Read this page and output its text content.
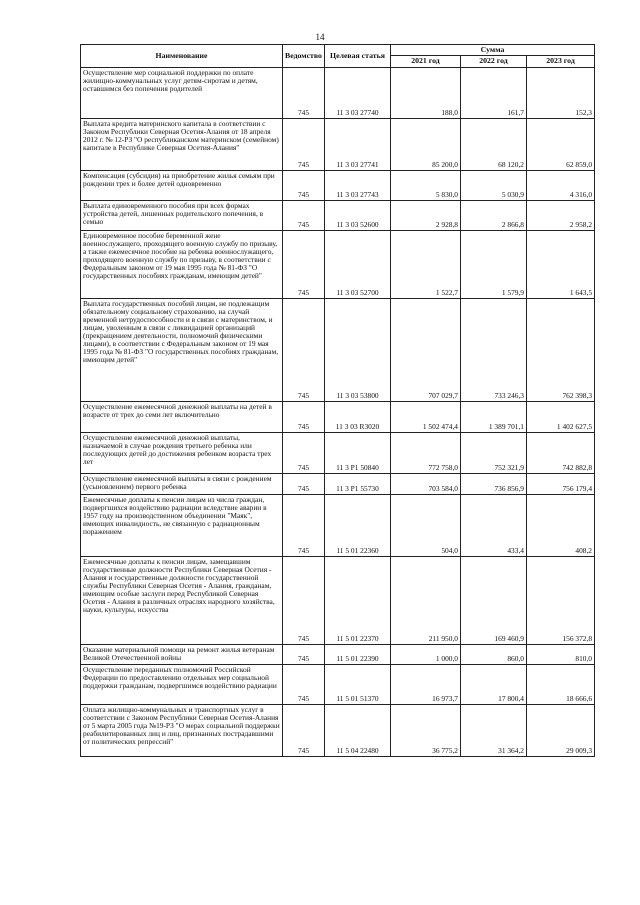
14
Наименование	Ведомство	Целевая статья	Сумма		
			2021 год	2022 год	2023 год
Осуществление мер социальной поддержки по оплате жилищно-коммунальных услуг детям-сиротам и детям, оставшимся без попечения родителей	745	11 3 03 27740	188,0	161,7	152,3
Выплата кредита материнского капитала в соответствии с Законом Республики Северная Осетия-Алания от 18 апреля 2012 г. № 12-РЗ "О республиканском материнском (семейном) капитале в Республике Северная Осетия-Алания"	745	11 3 03 27741	85 200,0	68 120,2	62 859,0
Компенсация (субсидия) на приобретение жилья семьям при рождении трех и более детей одновременно	745	11 3 03 27743	5 830,0	5 030,9	4 316,0
Выплата единовременного пособия при всех формах устройства детей, лишенных родительского попечения, в семью	745	11 3 03 52600	2 928,8	2 866,8	2 958,2
Единовременное пособие беременной жене военнослужащего, проходящего военную службу по призыву, а также ежемесячное пособие на ребенка военнослужащего, проходящего военную службу по призыву, в соответствии с Федеральным законом от 19 мая 1995 года № 81-ФЗ "О государственных пособиях гражданам, имеющим детей"	745	11 3 03 52700	1 522,7	1 579,9	1 643,5
Выплата государственных пособий лицам, не подлежащим обязательному социальному страхованию, на случай временной нетрудоспособности и в связи с материнством, и лицам, уволенным в связи с ликвидацией организаций (прекращением деятельности, полномочий физическими лицами), в соответствии с Федеральным законом от 19 мая 1995 года № 81-ФЗ "О государственных пособиях гражданам, имеющим детей"	745	11 3 03 53800	707 029,7	733 246,3	762 398,3
Осуществление ежемесячной денежной выплаты на детей в возрасте от трех до семи лет включительно	745	11 3 03 R3020	1 502 474,4	1 389 701,1	1 402 627,5
Осуществление ежемесячной денежной выплаты, назначаемой в случае рождения третьего ребенка или последующих детей до достижения ребенком возраста трех лет	745	11 3 P1 50840	772 758,0	752 321,9	742 882,8
Осуществление ежемесячной выплаты в связи с рождением (усыновлением) первого ребенка	745	11 3 P1 55730	703 584,0	736 856,9	756 179,4
Ежемесячные доплаты к пенсии лицам из числа граждан, подвергшихся воздействию радиации вследствие аварии в 1957 году на производственном объединении "Маяк", имеющих инвалидность, не связанную с радиационным поражением	745	11 5 01 22360	504,0	433,4	408,2
Ежемесячные доплаты к пенсии лицам, замещавшим государственные должности Республики Северная Осетия - Алания и государственные должности государственной службы Республики Северная Осетия - Алания, гражданам, имеющим особые заслуги перед Республикой Северная Осетия - Алания в различных отраслях народного хозяйства, науки, культуры, искусства	745	11 5 01 22370	211 950,0	169 460,9	156 372,8
Оказание материальной помощи на ремонт жилья ветеранам Великой Отечественной войны	745	11 5 01 22390	1 000,0	860,0	810,0
Осуществление переданных полномочий Российской Федерации по предоставлению отдельных мер социальной поддержки гражданам, подвергшимся воздействию радиации	745	11 5 01 51370	16 973,7	17 800,4	18 666,6
Оплата жилищно-коммунальных и транспортных услуг в соответствии с Законом Республики Северная Осетия-Алания от 5 марта 2005 года №19-РЗ "О мерах социальной поддержки реабилитированных лиц и лиц, признанных пострадавшими от политических репрессий"	745	11 5 04 22480	36 775,2	31 364,2	29 009,3
